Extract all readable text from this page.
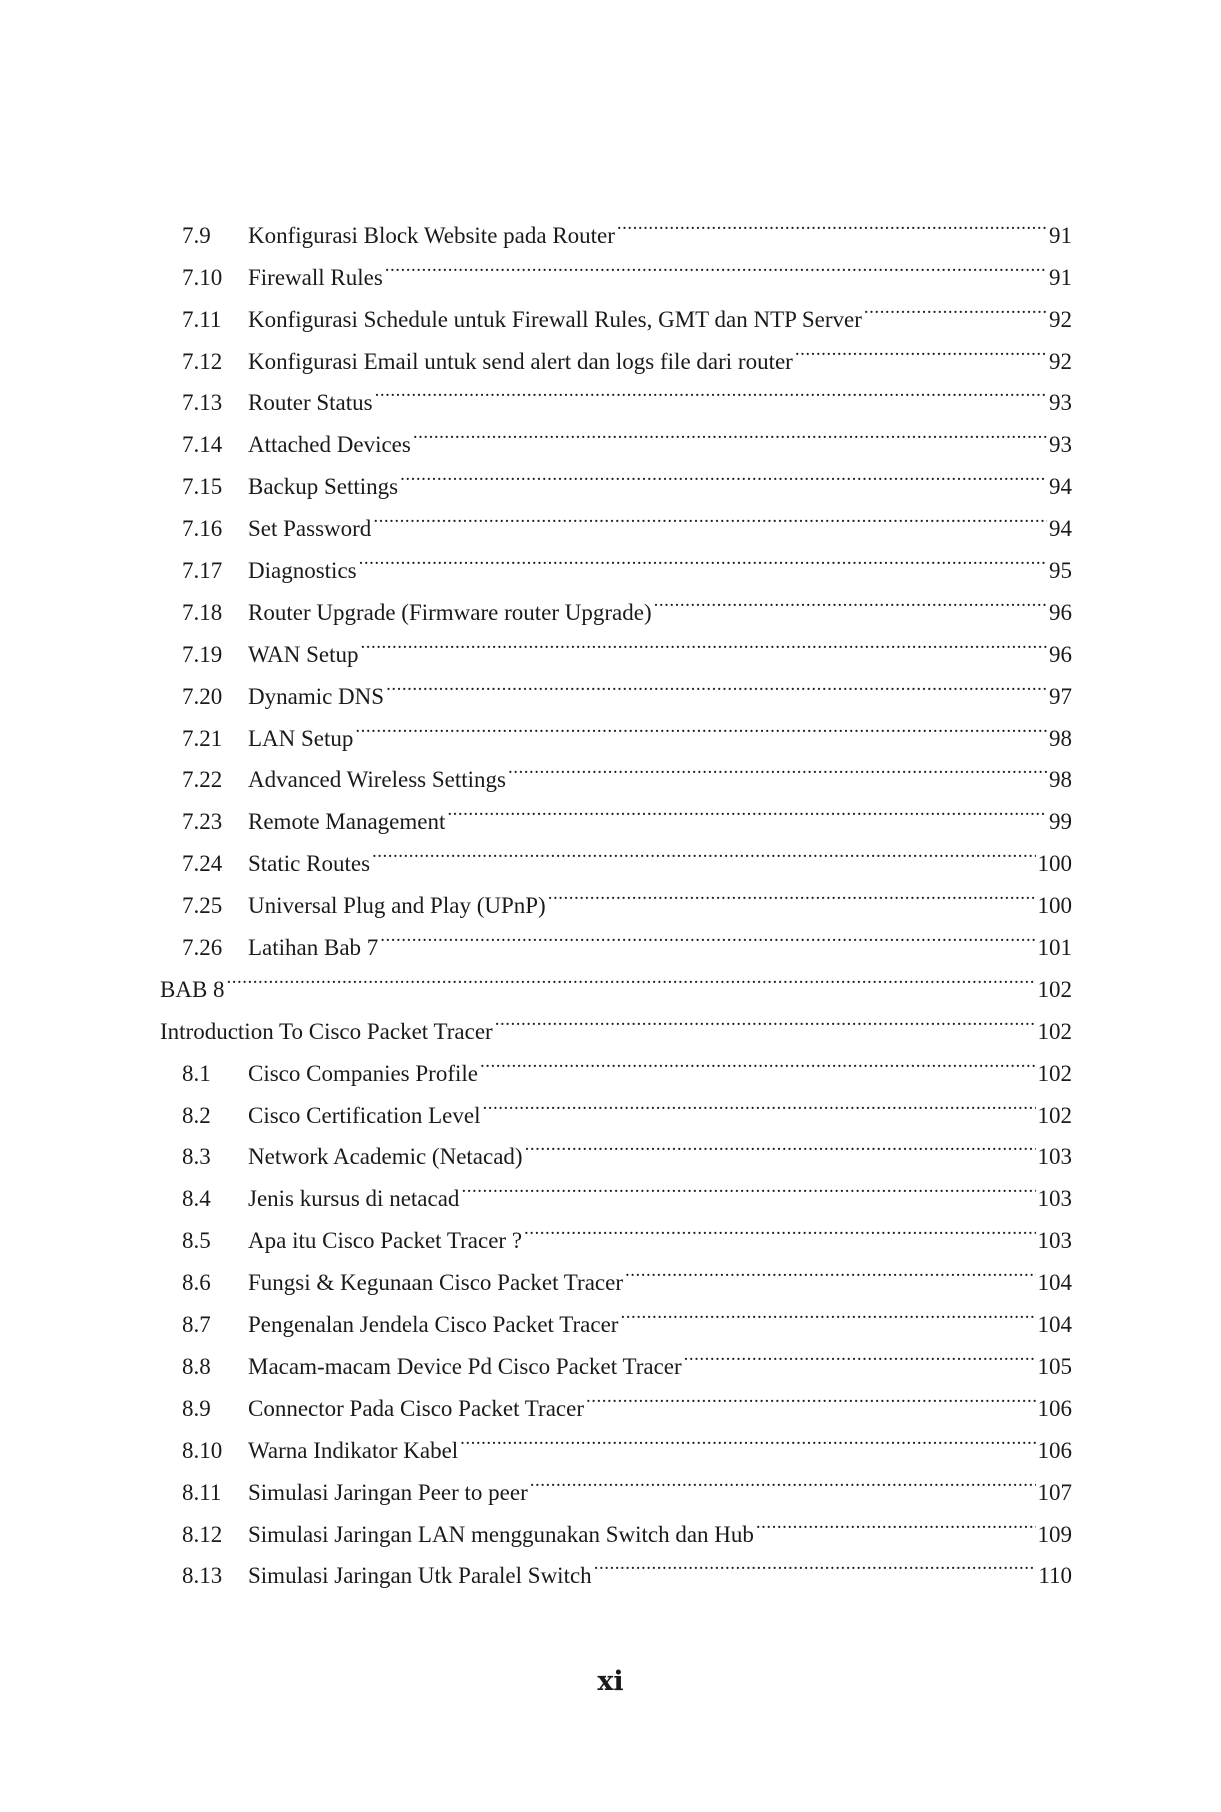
7.9	Konfigurasi Block Website pada Router .....	91
7.10	Firewall Rules .....	91
7.11	Konfigurasi Schedule untuk Firewall Rules, GMT dan NTP Server .....	92
7.12	Konfigurasi Email untuk send alert dan logs file dari router .....	92
7.13	Router Status .....	93
7.14	Attached Devices .....	93
7.15	Backup Settings .....	94
7.16	Set Password .....	94
7.17	Diagnostics .....	95
7.18	Router Upgrade (Firmware router Upgrade) .....	96
7.19	WAN Setup .....	96
7.20	Dynamic DNS .....	97
7.21	LAN Setup .....	98
7.22	Advanced Wireless Settings .....	98
7.23	Remote Management .....	99
7.24	Static Routes .....	100
7.25	Universal Plug and Play (UPnP) .....	100
7.26	Latihan Bab 7 .....	101
BAB 8 .....	102
Introduction To Cisco Packet Tracer .....	102
8.1	Cisco Companies Profile .....	102
8.2	Cisco Certification Level .....	102
8.3	Network Academic (Netacad) .....	103
8.4	Jenis kursus di netacad .....	103
8.5	Apa itu Cisco Packet Tracer ? .....	103
8.6	Fungsi & Kegunaan Cisco Packet Tracer .....	104
8.7	Pengenalan Jendela Cisco Packet Tracer .....	104
8.8	Macam-macam Device Pd Cisco Packet Tracer .....	105
8.9	Connector Pada Cisco Packet Tracer .....	106
8.10	Warna Indikator Kabel .....	106
8.11	Simulasi Jaringan Peer to peer .....	107
8.12	Simulasi Jaringan LAN menggunakan Switch dan Hub .....	109
8.13	Simulasi Jaringan Utk Paralel Switch .....	110
xi
